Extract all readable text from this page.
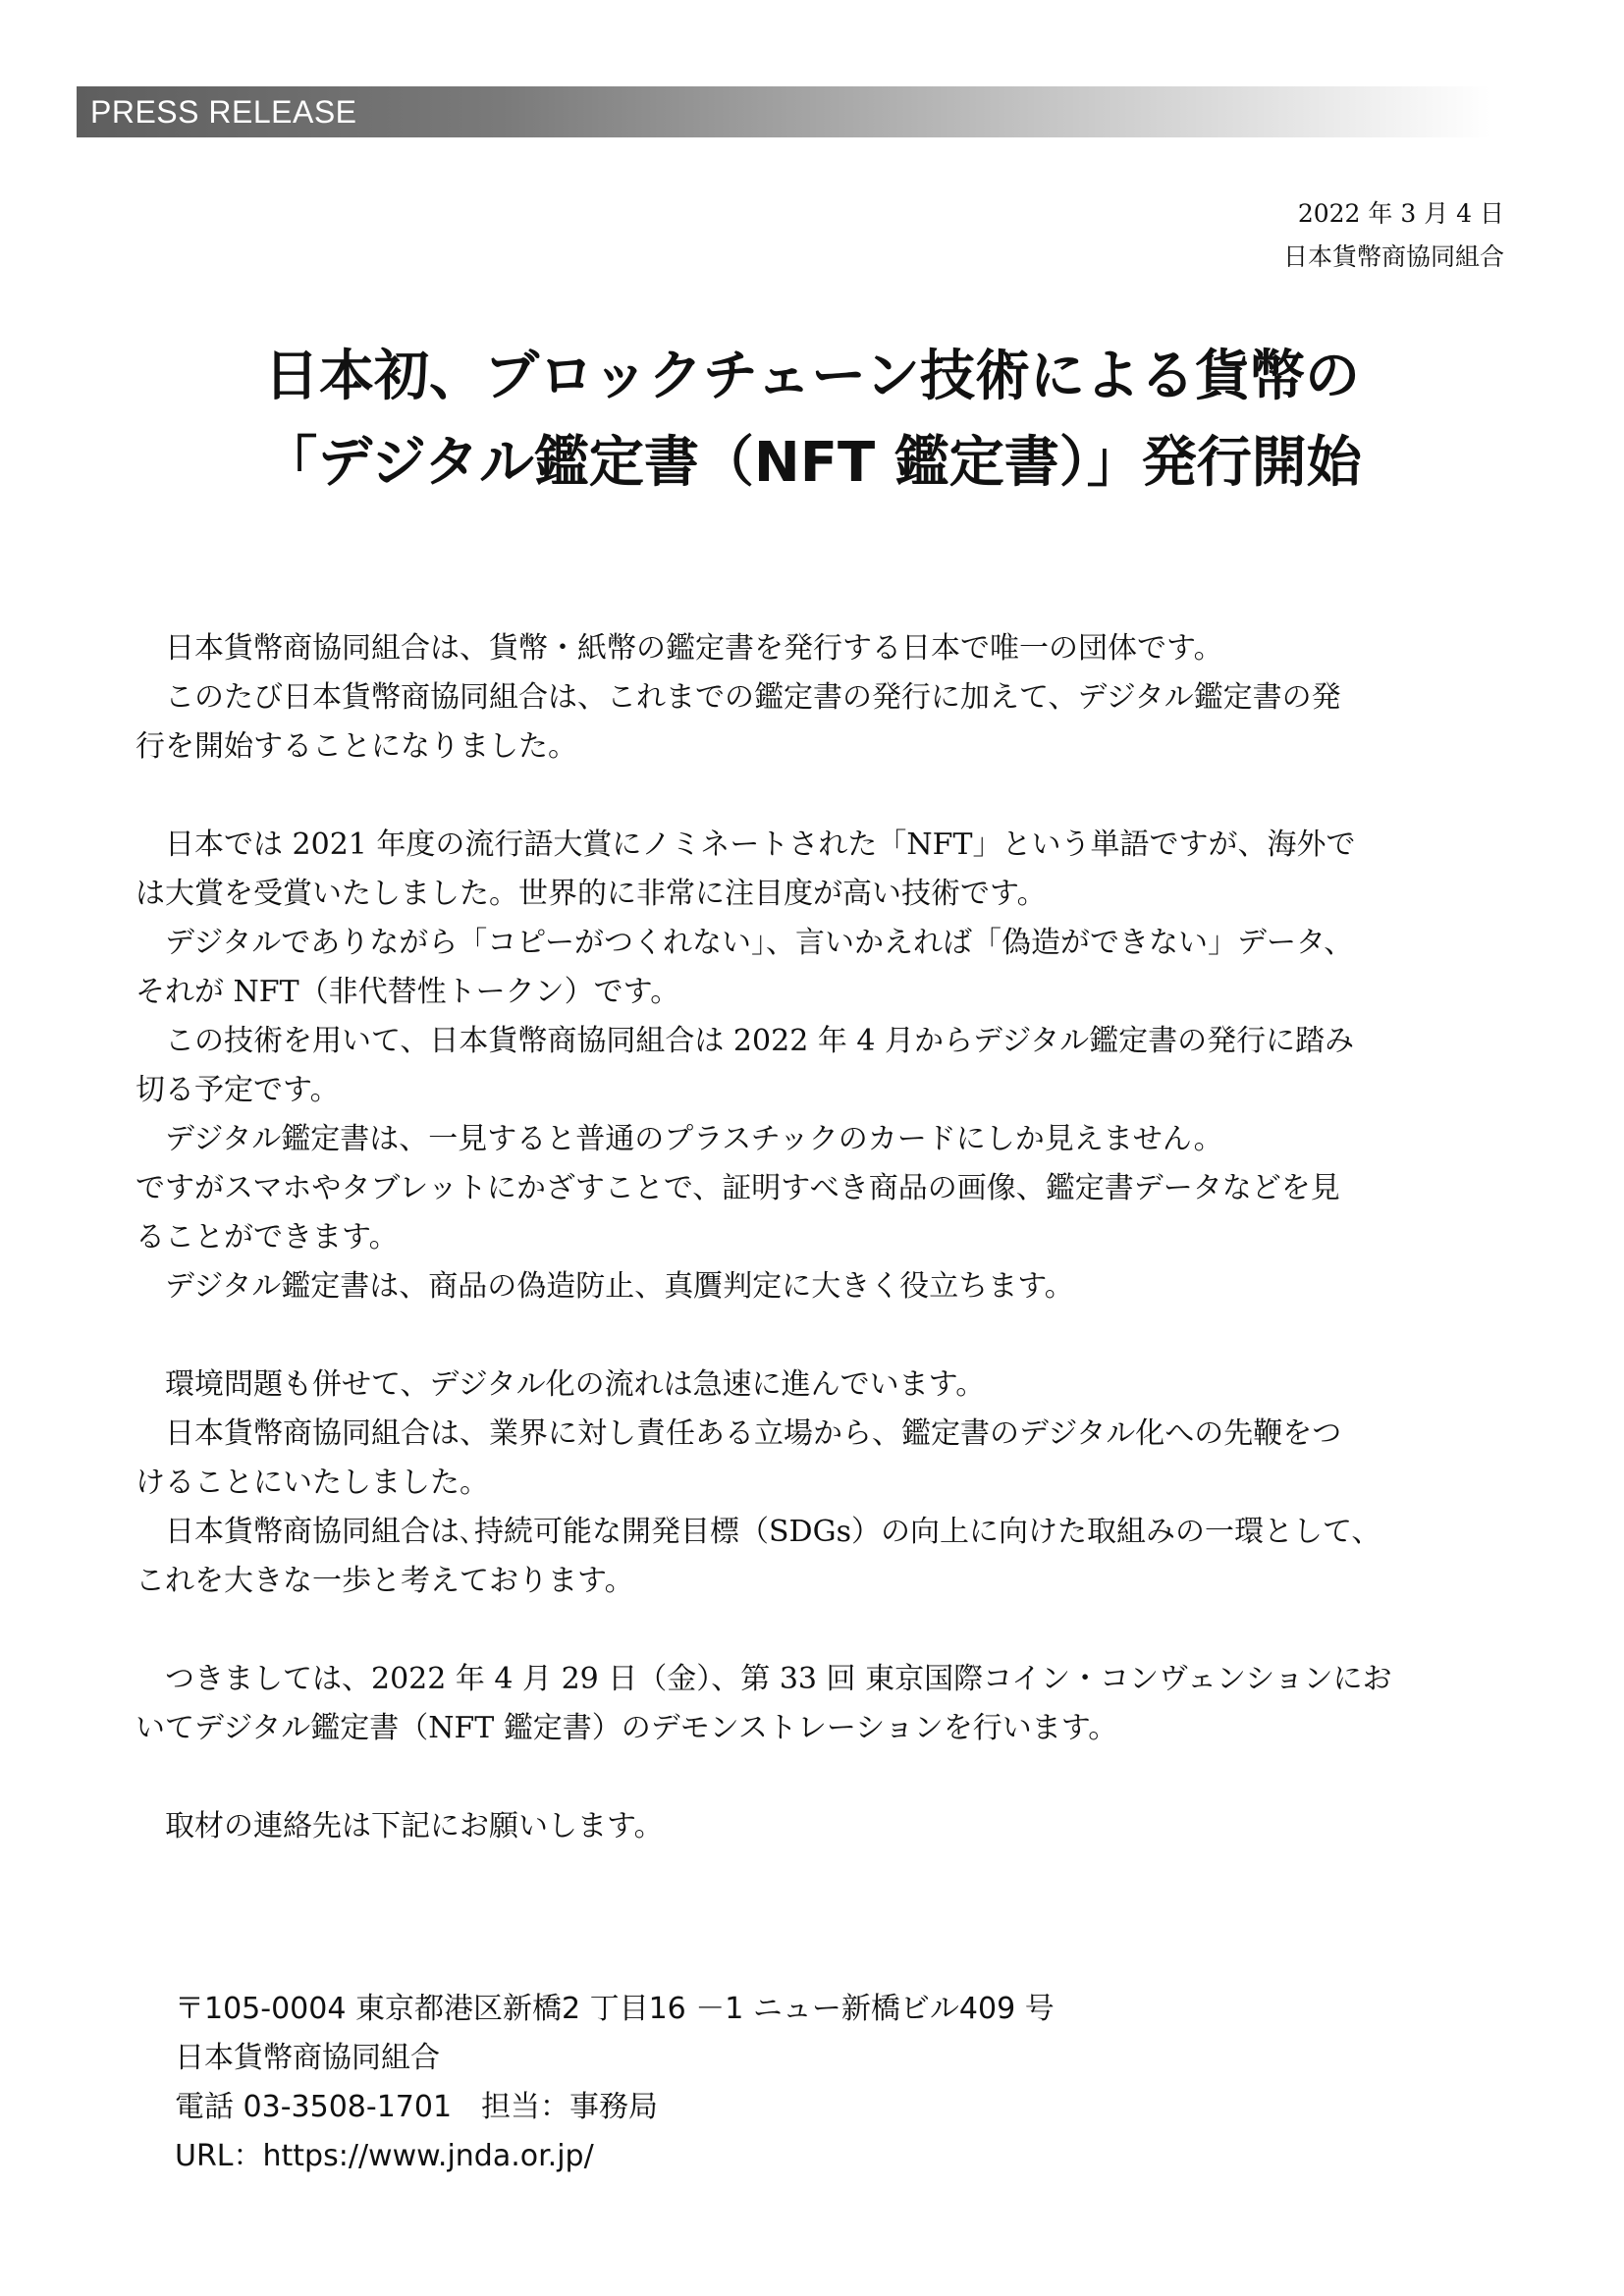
PRESS RELEASE
2022 年 3 月 4 日
日本貨幣商協同組合
日本初、ブロックチェーン技術による貨幣の
「デジタル鑑定書（NFT 鑑定書）」発行開始
日本貨幣商協同組合は、貨幣・紙幣の鑑定書を発行する日本で唯一の団体です。
このたび日本貨幣商協同組合は、これまでの鑑定書の発行に加えて、デジタル鑑定書の発
行を開始することになりました。
日本では 2021 年度の流行語大賞にノミネートされた「NFT」という単語ですが、海外で
は大賞を受賞いたしました。世界的に非常に注目度が高い技術です。
デジタルでありながら「コピーがつくれない」、言いかえれば「偽造ができない」データ、
それが NFT（非代替性トークン）です。
この技術を用いて、日本貨幣商協同組合は 2022 年 4 月からデジタル鑑定書の発行に踏み
切る予定です。
デジタル鑑定書は、一見すると普通のプラスチックのカードにしか見えません。
ですがスマホやタブレットにかざすことで、証明すべき商品の画像、鑑定書データなどを見
ることができます。
デジタル鑑定書は、商品の偽造防止、真贋判定に大きく役立ちます。
環境問題も併せて、デジタル化の流れは急速に進んでいます。
日本貨幣商協同組合は、業界に対し責任ある立場から、鑑定書のデジタル化への先鞭をつ
けることにいたしました。
日本貨幣商協同組合は､持続可能な開発目標（SDGs）の向上に向けた取組みの一環として、
これを大きな一歩と考えております。
つきましては、2022 年 4 月 29 日（金）、第 33 回 東京国際コイン・コンヴェンションにお
いてデジタル鑑定書（NFT 鑑定書）のデモンストレーションを行います。
取材の連絡先は下記にお願いします。
〒105-0004 東京都港区新橋2 丁目16 －1 ニュー新橋ビル409 号
日本貨幣商協同組合
電話 03-3508-1701　担当：事務局
URL：https://www.jnda.or.jp/
